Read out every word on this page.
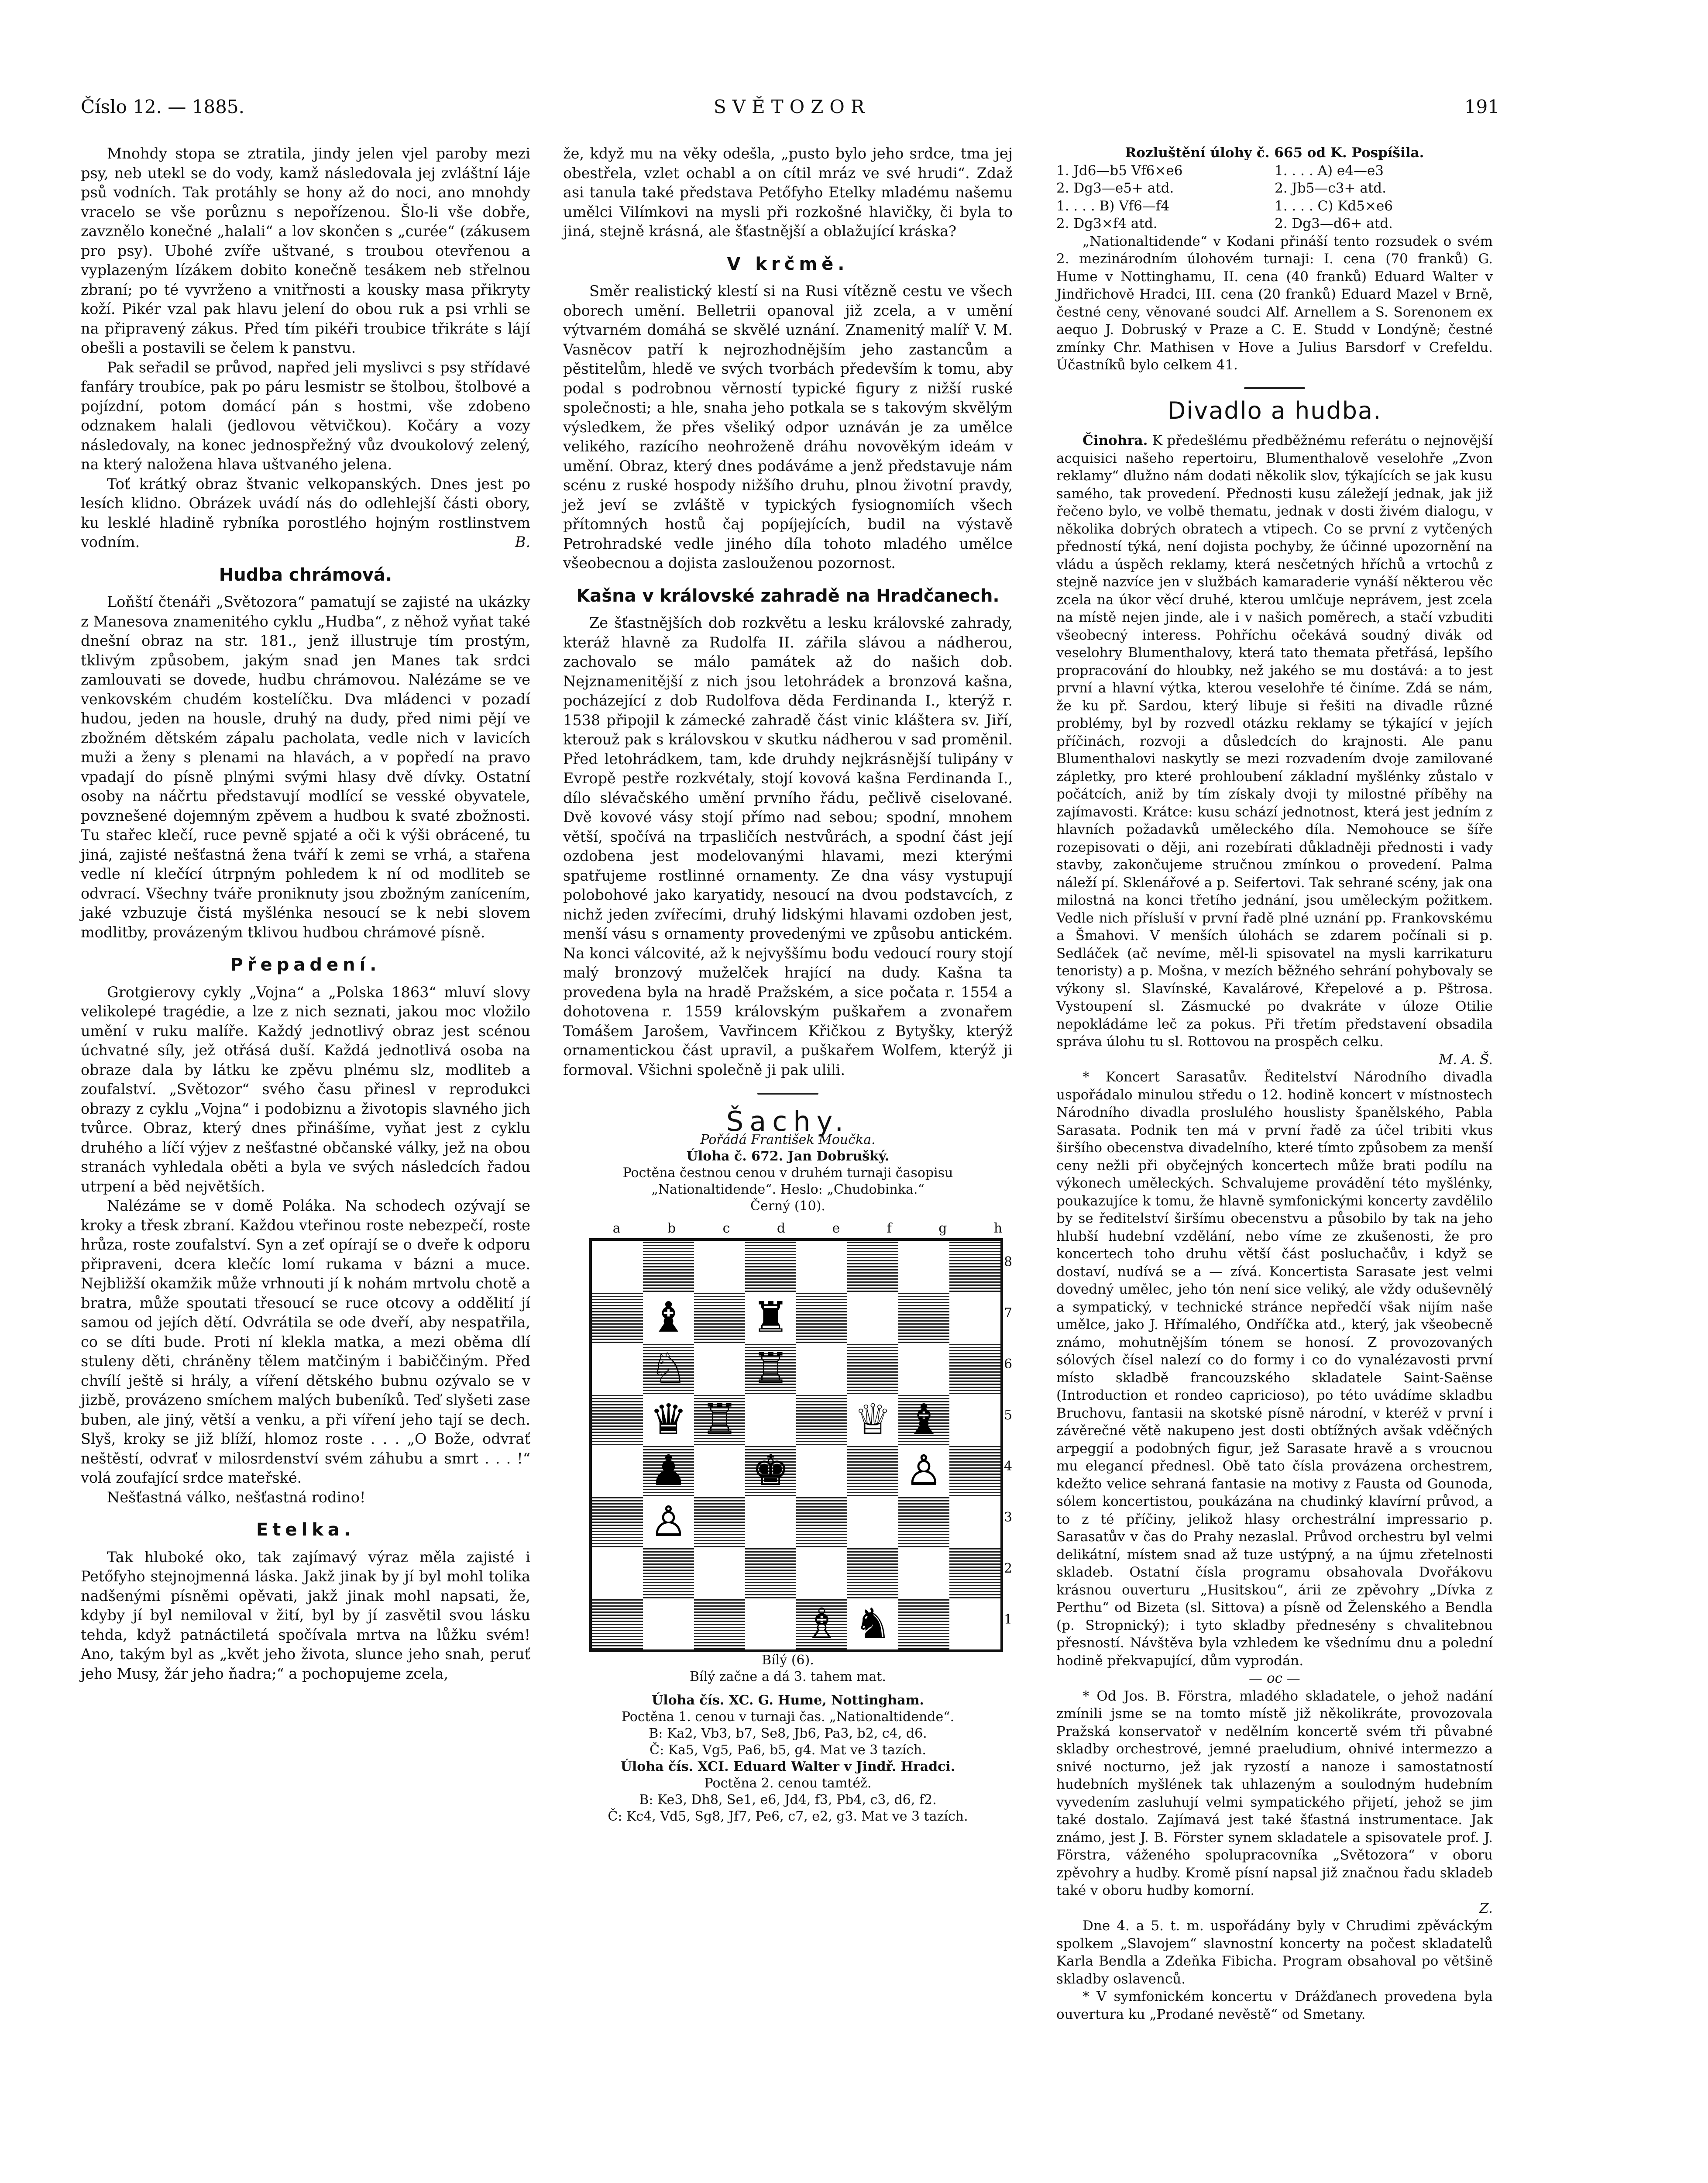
Číslo 12. — 1885.	SVĚTOZOR	191

Mnohdy stopa se ztratila, jindy jelen vjel paroby mezi psy, neb utekl se do vody, kamž následovala jej zvláštní láje psů vodních. Tak protáhly se hony až do noci, ano mnohdy vracelo se vše porůznu s nepořízenou. Šlo-li vše dobře, zavznělo konečné „halali“ a lov skončen s „curée“ (zákusem pro psy). Ubohé zvíře uštvané, s troubou otevřenou a vyplazeným lízákem dobito konečně tesákem neb střelnou zbraní; po té vyvrženo a vnitřnosti a kousky masa přikryty koží. Pikér vzal pak hlavu jelení do obou ruk a psi vrhli se na připravený zákus. Před tím pikéři troubice třikráte s lájí obešli a postavili se čelem k panstvu.

Pak seřadil se průvod, napřed jeli myslivci s psy střídavé fanfáry troubíce, pak po páru lesmistr se štolbou, štolbové a pojízdní, potom domácí pán s hostmi, vše zdobeno odznakem halali (jedlovou větvičkou). Kočáry a vozy následovaly, na konec jednospřežný vůz dvoukolový zelený, na který naložena hlava uštvaného jelena.

Toť krátký obraz štvanic velkopanských. Dnes jest po lesích klidno. Obrázek uvádí nás do odlehlejší části obory, ku lesklé hladině rybníka porostlého hojným rostlinstvem vodním.	B.

Hudba chrámová.

Loňští čtenáři „Světozora“ pamatují se zajisté na ukázky z Manesova znamenitého cyklu „Hudba“, z něhož vyňat také dnešní obraz na str. 181., jenž illustruje tím prostým, tklivým způsobem, jakým snad jen Manes tak srdci zamlouvati se dovede, hudbu chrámovou. Nalézáme se ve venkovském chudém kostelíčku. Dva mládenci v pozadí hudou, jeden na housle, druhý na dudy, před nimi pějí ve zbožném dětském zápalu pacholata, vedle nich v lavicích muži a ženy s plenami na hlavách, a v popředí na pravo vpadají do písně plnými svými hlasy dvě dívky. Ostatní osoby na náčrtu představují modlící se vesské obyvatele, povznešené dojemným zpěvem a hudbou k svaté zbožnosti. Tu stařec klečí, ruce pevně spjaté a oči k výši obrácené, tu jiná, zajisté nešťastná žena tváří k zemi se vrhá, a stařena vedle ní klečící útrpným pohledem k ní od modliteb se odvrací. Všechny tváře proniknuty jsou zbožným zanícením, jaké vzbuzuje čistá myšlénka nesoucí se k nebi slovem modlitby, provázeným tklivou hudbou chrámové písně.

Přepadení.

Grotgierovy cykly „Vojna“ a „Polska 1863“ mluví slovy velikolepé tragédie, a lze z nich seznati, jakou moc vložilo umění v ruku malíře. Každý jednotlivý obraz jest scénou úchvatné síly, jež otřásá duší. Každá jednotlivá osoba na obraze dala by látku ke zpěvu plnému slz, modliteb a zoufalství. „Světozor“ svého času přinesl v reprodukci obrazy z cyklu „Vojna“ i podobiznu a životopis slavného jich tvůrce. Obraz, který dnes přinášíme, vyňat jest z cyklu druhého a líčí výjev z nešťastné občanské války, jež na obou stranách vyhledala oběti a byla ve svých následcích řadou utrpení a běd největších.

Nalézáme se v domě Poláka. Na schodech ozývají se kroky a třesk zbraní. Každou vteřinou roste nebezpečí, roste hrůza, roste zoufalství. Syn a zeť opírají se o dveře k odporu připraveni, dcera klečíc lomí rukama v bázni a muce. Nejbližší okamžik může vrhnouti jí k nohám mrtvolu chotě a bratra, může spoutati třesoucí se ruce otcovy a oddělití jí samou od jejích dětí. Odvrátila se ode dveří, aby nespatřila, co se díti bude. Proti ní klekla matka, a mezi oběma dlí stuleny děti, chráněny tělem matčiným i babiččiným. Před chvílí ještě si hrály, a víření dětského bubnu ozývalo se v jizbě, provázeno smíchem malých bubeníků. Teď slyšeti zase buben, ale jiný, větší a venku, a při víření jeho tají se dech. Slyš, kroky se již blíží, hlomoz roste . . . „O Bože, odvrať neštěstí, odvrať v milosrdenství svém záhubu a smrt . . . !“ volá zoufající srdce mateřské.

Nešťastná válko, nešťastná rodino!

Etelka.

Tak hluboké oko, tak zajímavý výraz měla zajisté i Petőfyho stejnojmenná láska. Jakž jinak by jí byl mohl tolika nadšenými písněmi opěvati, jakž jinak mohl napsati, že, kdyby jí byl nemiloval v žití, byl by jí zasvětil svou lásku tehda, když patnáctiletá spočívala mrtva na lůžku svém! Ano, takým byl as „květ jeho života, slunce jeho snah, peruť jeho Musy, žár jeho ňadra;“ a pochopujeme zcela,

že, když mu na věky odešla, „pusto bylo jeho srdce, tma jej obestřela, vzlet ochabl a on cítil mráz ve své hrudi“. Zdaž asi tanula také představa Petőfyho Etelky mladému našemu umělci Vilímkovi na mysli při rozkošné hlavičky, či byla to jiná, stejně krásná, ale šťastnější a oblažující kráska?

V krčmě.

Směr realistický klestí si na Rusi vítězně cestu ve všech oborech umění. Belletrii opanoval již zcela, a v umění výtvarném domáhá se skvělé uznání. Znamenitý malíř V. M. Vasněcov patří k nejrozhodnějším jeho zastancům a pěstitelům, hledě ve svých tvorbách především k tomu, aby podal s podrobnou věrností typické figury z nižší ruské společnosti; a hle, snaha jeho potkala se s takovým skvělým výsledkem, že přes všeliký odpor uznáván je za umělce velikého, razícího neohroženě dráhu novověkým ideám v umění. Obraz, který dnes podáváme a jenž představuje nám scénu z ruské hospody nižšího druhu, plnou životní pravdy, jež jeví se zvláště v typických fysiognomiích všech přítomných hostů čaj popíjejících, budil na výstavě Petrohradské vedle jiného díla tohoto mladého umělce všeobecnou a dojista zaslouženou pozornost.

Kašna v královské zahradě na Hradčanech.

Ze šťastnějších dob rozkvětu a lesku královské zahrady, kteráž hlavně za Rudolfa II. zářila slávou a nádherou, zachovalo se málo památek až do našich dob. Nejznamenitější z nich jsou letohrádek a bronzová kašna, pocházející z dob Rudolfova děda Ferdinanda I., kterýž r. 1538 připojil k zámecké zahradě část vinic kláštera sv. Jiří, kterouž pak s královskou v skutku nádherou v sad proměnil. Před letohrádkem, tam, kde druhdy nejkrásnější tulipány v Evropě pestře rozkvétaly, stojí kovová kašna Ferdinanda I., dílo slévačského umění prvního řádu, pečlivě ciselované. Dvě kovové vásy stojí přímo nad sebou; spodní, mnohem větší, spočívá na trpasličích nestvůrách, a spodní část její ozdobena jest modelovanými hlavami, mezi kterými spatřujeme rostlinné ornamenty. Ze dna vásy vystupují polobohové jako karyatidy, nesoucí na dvou podstavcích, z nichž jeden zvířecími, druhý lidskými hlavami ozdoben jest, menší vásu s ornamenty provedenými ve způsobu antickém. Na konci válcovité, až k nejvyššímu bodu vedoucí roury stojí malý bronzový muželček hrající na dudy. Kašna ta provedena byla na hradě Pražském, a sice počata r. 1554 a dohotovena r. 1559 královským puškařem a zvonařem Tomášem Jarošem, Vavřincem Křičkou z Bytyšky, kterýž ornamentickou část upravil, a puškařem Wolfem, kterýž ji formoval. Všichni společně ji pak ulili.

Šachy.
Pořádá František Moučka.
Úloha č. 672. Jan Dobrušký.
Poctěna čestnou cenou v druhém turnaji časopisu
„Nationaltidende“. Heslo: „Chudobinka.“
Černý (10).
a	b	c	d	e	f	g	h
♝ ♜
♘ ♖
♛ ♖	♕ ♝
♟ ♚	♙
♙
♗ ♞
8
7
6
5
4
3
2
1
Bílý (6).
Bílý začne a dá 3. tahem mat.
Úloha čís. XC. G. Hume, Nottingham.
Poctěna 1. cenou v turnaji čas. „Nationaltidende“.
B: Ka2, Vb3, b7, Se8, Jb6, Pa3, b2, c4, d6.
Č: Ka5, Vg5, Pa6, b5, g4. Mat ve 3 tazích.
Úloha čís. XCI. Eduard Walter v Jindř. Hradci.
Poctěna 2. cenou tamtéž.
B: Ke3, Dh8, Se1, e6, Jd4, f3, Pb4, c3, d6, f2.
Č: Kc4, Vd5, Sg8, Jf7, Pe6, c7, e2, g3. Mat ve 3 tazích.
Rozluštění úlohy č. 665 od K. Pospíšila.
1. Jd6—b5 Vf6×e6	1. . . . A) e4—e3
2. Dg3—e5+ atd.	2. Jb5—c3+ atd.
1. . . . B) Vf6—f4	1. . . . C) Kd5×e6
2. Dg3×f4 atd.	2. Dg3—d6+ atd.

„Nationaltidende“ v Kodani přináší tento rozsudek o svém 2. mezinárodním úlohovém turnaji: I. cena (70 franků) G. Hume v Nottinghamu, II. cena (40 franků) Eduard Walter v Jindřichově Hradci, III. cena (20 franků) Eduard Mazel v Brně, čestné ceny, věnované soudci Alf. Arnellem a S. Sorenonem ex aequo J. Dobruský v Praze a C. E. Studd v Londýně; čestné zmínky Chr. Mathisen v Hove a Julius Barsdorf v Crefeldu. Účastníků bylo celkem 41.

Divadlo a hudba.

Činohra. K předešlému předběžnému referátu o nejnovější acquisici našeho repertoiru, Blumenthalově veselohře „Zvon reklamy“ dlužno nám dodati několik slov, týkajících se jak kusu samého, tak provedení. Přednosti kusu záležejí jednak, jak již řečeno bylo, ve volbě thematu, jednak v dosti živém dialogu, v několika dobrých obratech a vtipech. Co se první z vytčených předností týká, není dojista pochyby, že účinné upozornění na vládu a úspěch reklamy, která nesčetných hříchů a vrtochů z stejně nazvíce jen v službách kamaraderie vynáší některou věc zcela na úkor věcí druhé, kterou umlčuje neprávem, jest zcela na místě nejen jinde, ale i v našich poměrech, a stačí vzbuditi všeobecný interess. Pohříchu očekává soudný divák od veselohry Blumenthalovy, která tato themata přetřásá, lepšího propracování do hloubky, než jakého se mu dostává: a to jest první a hlavní výtka, kterou veselohře té činíme. Zdá se nám, že ku př. Sardou, který libuje si řešiti na divadle různé problémy, byl by rozvedl otázku reklamy se týkající v jejích příčinách, rozvoji a důsledcích do krajnosti. Ale panu Blumenthalovi naskytly se mezi rozvadením dvoje zamilované zápletky, pro které prohloubení základní myšlénky zůstalo v počátcích, aniž by tím získaly dvoji ty milostné příběhy na zajímavosti. Krátce: kusu schází jednotnost, která jest jedním z hlavních požadavků uměleckého díla. Nemohouce se šíře rozepisovati o ději, ani rozebírati důkladněji přednosti i vady stavby, zakončujeme stručnou zmínkou o provedení. Palma náleží pí. Sklenářové a p. Seifertovi. Tak sehrané scény, jak ona milostná na konci třetího jednání, jsou uměleckým požitkem. Vedle nich přísluší v první řadě plné uznání pp. Frankovskému a Šmahovi. V menších úlohách se zdarem počínali si p. Sedláček (ač nevíme, měl-li spisovatel na mysli karrikaturu tenoristy) a p. Mošna, v mezích běžného sehrání pohybovaly se výkony sl. Slavínské, Kavalárové, Křepelové a p. Pštrosa. Vystoupení sl. Zásmucké po dvakráte v úloze Otilie nepokládáme leč za pokus. Při třetím představení obsadila správa úlohu tu sl. Rottovou na prospěch celku.

M. A. Š.

* Koncert Sarasatův. Ředitelství Národního divadla uspořádalo minulou středu o 12. hodině koncert v místnostech Národního divadla proslulého houslisty španělského, Pabla Sarasata. Podnik ten má v první řadě za účel tribiti vkus širšího obecenstva divadelního, které tímto způsobem za menší ceny nežli při obyčejných koncertech může brati podílu na výkonech uměleckých. Schvalujeme provádění této myšlénky, poukazujíce k tomu, že hlavně symfonickými koncerty zavdělilo by se ředitelství širšímu obecenstvu a působilo by tak na jeho hlubší hudební vzdělání, nebo víme ze zkušenosti, že pro koncertech toho druhu větší část posluchačův, i když se dostaví, nudívá se a — zívá. Koncertista Sarasate jest velmi dovedný umělec, jeho tón není sice veliký, ale vždy oduševnělý a sympatický, v technické stránce nepředčí však nijím naše umělce, jako J. Hřímalého, Ondříčka atd., který, jak všeobecně známo, mohutnějším tónem se honosí. Z provozovaných sólových čísel nalezí co do formy i co do vynalézavosti první místo skladbě francouzského skladatele Saint-Saënse (Introduction et rondeo capricioso), po této uvádíme skladbu Bruchovu, fantasii na skotské písně národní, v kteréž v první i závěrečné větě nakupeno jest dosti obtížných avšak vděčných arpeggií a podobných figur, jež Sarasate hravě a s vroucnou mu elegancí přednesl. Obě tato čísla provázena orchestrem, kdežto velice sehraná fantasie na motivy z Fausta od Gounoda, sólem koncertistou, poukázána na chudinký klavírní průvod, a to z té příčiny, jelikož hlasy orchestrální impressario p. Sarasatův v čas do Prahy nezaslal. Průvod orchestru byl velmi delikátní, místem snad až tuze ustýpný, a na újmu zřetelnosti skladeb. Ostatní čísla programu obsahovala Dvořákovu krásnou ouverturu „Husitskou“, árii ze zpěvohry „Dívka z Perthu“ od Bizeta (sl. Sittova) a písně od Želenského a Bendla (p. Stropnický); i tyto skladby přednesény s chvalitebnou přesností. Návštěva byla vzhledem ke všednímu dnu a polední hodině překvapující, dům vyprodán.

— oc —

* Od Jos. B. Förstra, mladého skladatele, o jehož nadání zmínili jsme se na tomto místě již několikráte, provozovala Pražská konservatoř v nedělním koncertě svém tři půvabné skladby orchestrové, jemné praeludium, ohnivé intermezzo a snivé nocturno, jež jak ryzostí a nanoze i samostatností hudebních myšlének tak uhlazeným a soulodným hudebním vyvedením zasluhují velmi sympatického přijetí, jehož se jim také dostalo. Zajímavá jest také šťastná instrumentace. Jak známo, jest J. B. Förster synem skladatele a spisovatele prof. J. Förstra, váženého spolupracovníka „Světozora“ v oboru zpěvohry a hudby. Kromě písní napsal již značnou řadu skladeb také v oboru hudby komorní.

Z.

Dne 4. a 5. t. m. uspořádány byly v Chrudimi zpěváckým spolkem „Slavojem“ slavnostní koncerty na počest skladatelů Karla Bendla a Zdeňka Fibicha. Program obsahoval po většině skladby oslavenců.

* V symfonickém koncertu v Drážďanech provedena byla ouvertura ku „Prodané nevěstě“ od Smetany.
